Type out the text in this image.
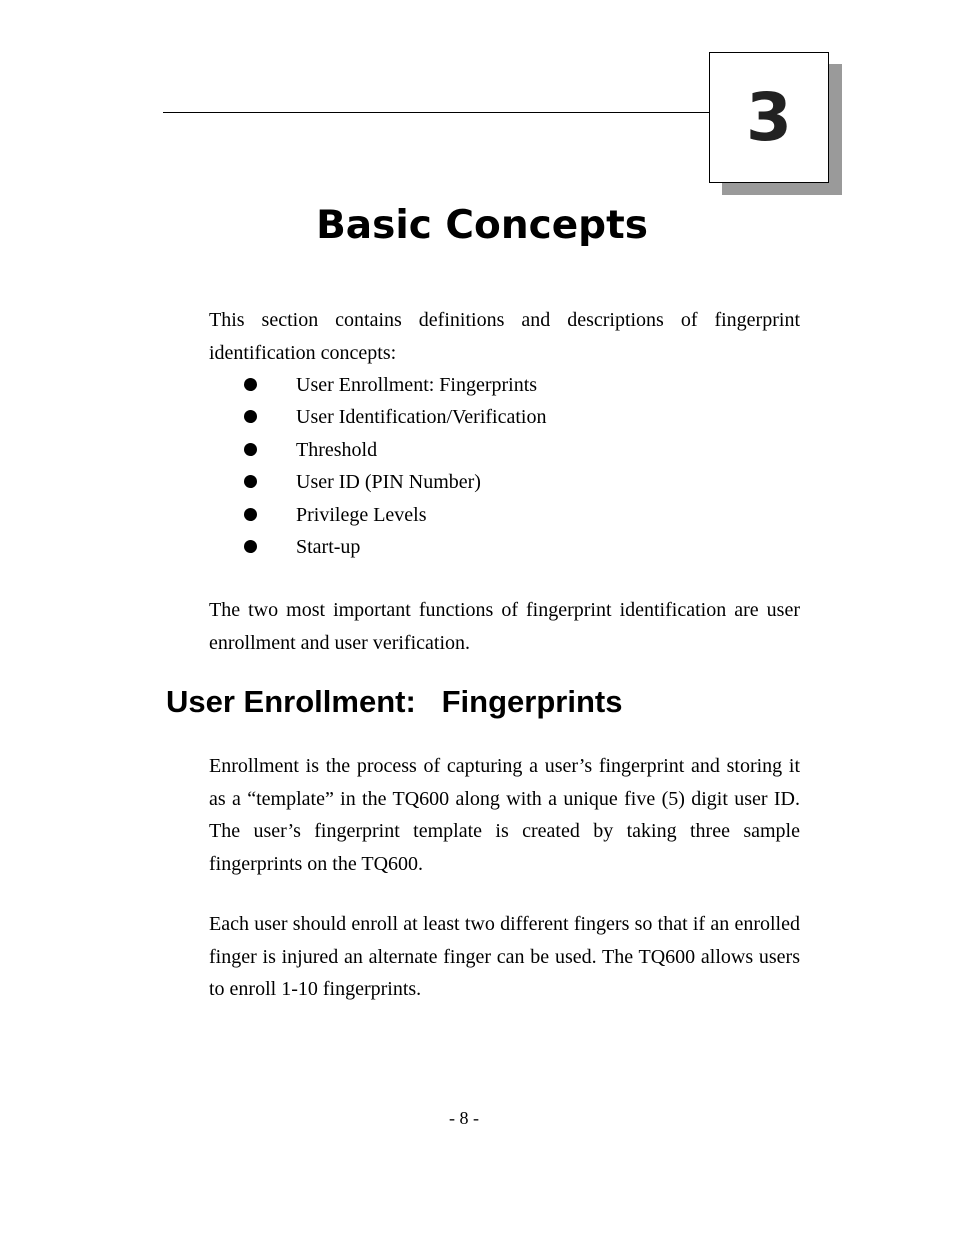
3
Basic Concepts

This section contains definitions and descriptions of fingerprint identification concepts:

User Enrollment: Fingerprints
User Identification/Verification
Threshold
User ID (PIN Number)
Privilege Levels
Start-up

The two most important functions of fingerprint identification are user enrollment and user verification.

User Enrollment:   Fingerprints

Enrollment is the process of capturing a user’s fingerprint and storing it as a “template” in the TQ600 along with a unique five (5) digit user ID. The user’s fingerprint template is created by taking three sample fingerprints on the TQ600.

Each user should enroll at least two different fingers so that if an enrolled finger is injured an alternate finger can be used. The TQ600 allows users to enroll 1-10 fingerprints.

- 8 -
